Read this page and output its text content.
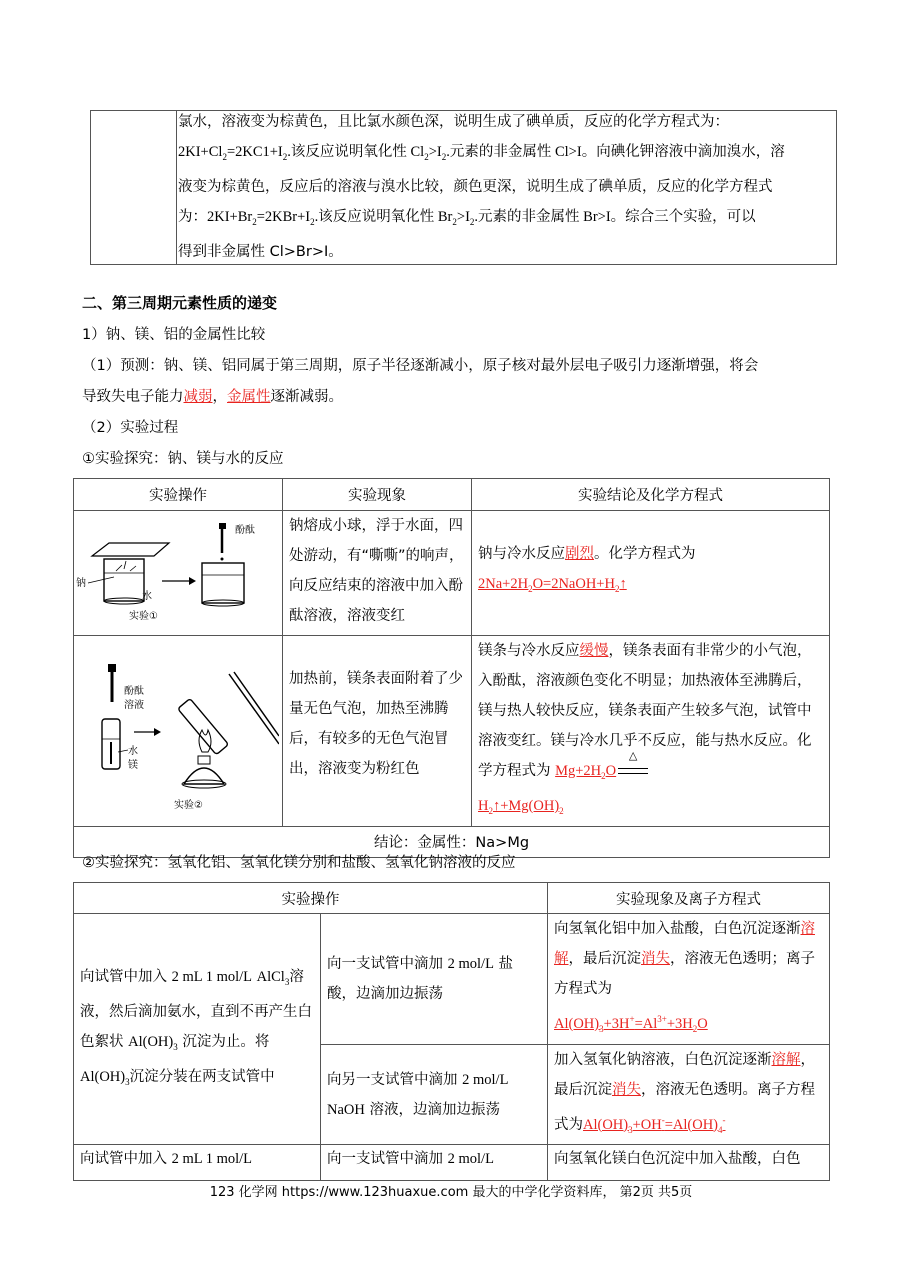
氯水，溶液变为棕黄色，且比氯水颜色深，说明生成了碘单质，反应的化学方程式为：
$2KI+Cl_2=2KC1+I_2$.该反应说明氧化性 $Cl_2>I_2$.元素的非金属性 Cl>I。向碘化钾溶液中滴加溴水，溶
液变为棕黄色，反应后的溶液与溴水比较，颜色更深，说明生成了碘单质，反应的化学方程式
为：$2KI+Br_2=2KBr+I_2$.该反应说明氧化性 $Br_2>I_2$.元素的非金属性 Br>I。综合三个实验，可以
得到非金属性 Cl>Br>I。
二、第三周期元素性质的递变
1）钠、镁、铝的金属性比较
（1）预测：钠、镁、铝同属于第三周期，原子半径逐渐减小，原子核对最外层电子吸引力逐渐增强，将会
导致失电子能力减弱，金属性逐渐减弱。
（2）实验过程
①实验探究：钠、镁与水的反应
实验操作	实验现象	实验结论及化学方程式

酚酞
钠
水
实验①	钠熔成小球，浮于水面，四处游动，有“嘶嘶”的响声，向反应结束的溶液中加入酚酞溶液，溶液变红	钠与冷水反应剧烈。化学方程式为
$2Na+2H_2O=2NaOH+H_2↑$

酚酞
溶液
水
镁
实验②	加热前，镁条表面附着了少量无色气泡，加热至沸腾后，有较多的无色气泡冒出，溶液变为粉红色	镁条与冷水反应缓慢，镁条表面有非常少的小气泡，入酚酞，溶液颜色变化不明显；加热液体至沸腾后，镁与热人较快反应，镁条表面产生较多气泡，试管中溶液变红。镁与冷水几乎不反应，能与热水反应。化学方程式为 $Mg+2H_2O\triangle$

$H_2↑+Mg(OH)_2$
结论：金属性：Na>Mg		
②实验探究：氢氧化铝、氢氧化镁分别和盐酸、氢氧化钠溶液的反应
实验操作		实验现象及离子方程式
向试管中加入 2 mL 1 mol/L AlCl$_3$溶液，然后滴加氨水，直到不再产生白色絮状 $Al(OH)_3$ 沉淀为止。将 $Al(OH)_3$沉淀分装在两支试管中	向一支试管中滴加 2 mol/L 盐酸，边滴加边振荡	向氢氧化铝中加入盐酸，白色沉淀逐渐溶解，最后沉淀消失，溶液无色透明；离子方程式为
$Al(OH)_3+3H^+=Al^{3+}+3H_2O$
	向另一支试管中滴加 2 mol/L NaOH 溶液，边滴加边振荡	加入氢氧化钠溶液，白色沉淀逐渐溶解，最后沉淀消失，溶液无色透明。离子方程式为$Al(OH)_3+OH^-=Al(OH)_4^-$
向试管中加入 2 mL 1 mol/L	向一支试管中滴加 2 mol/L	向氢氧化镁白色沉淀中加入盐酸，白色
123 化学网 https://www.123huaxue.com 最大的中学化学资料库， 第2页 共5页
